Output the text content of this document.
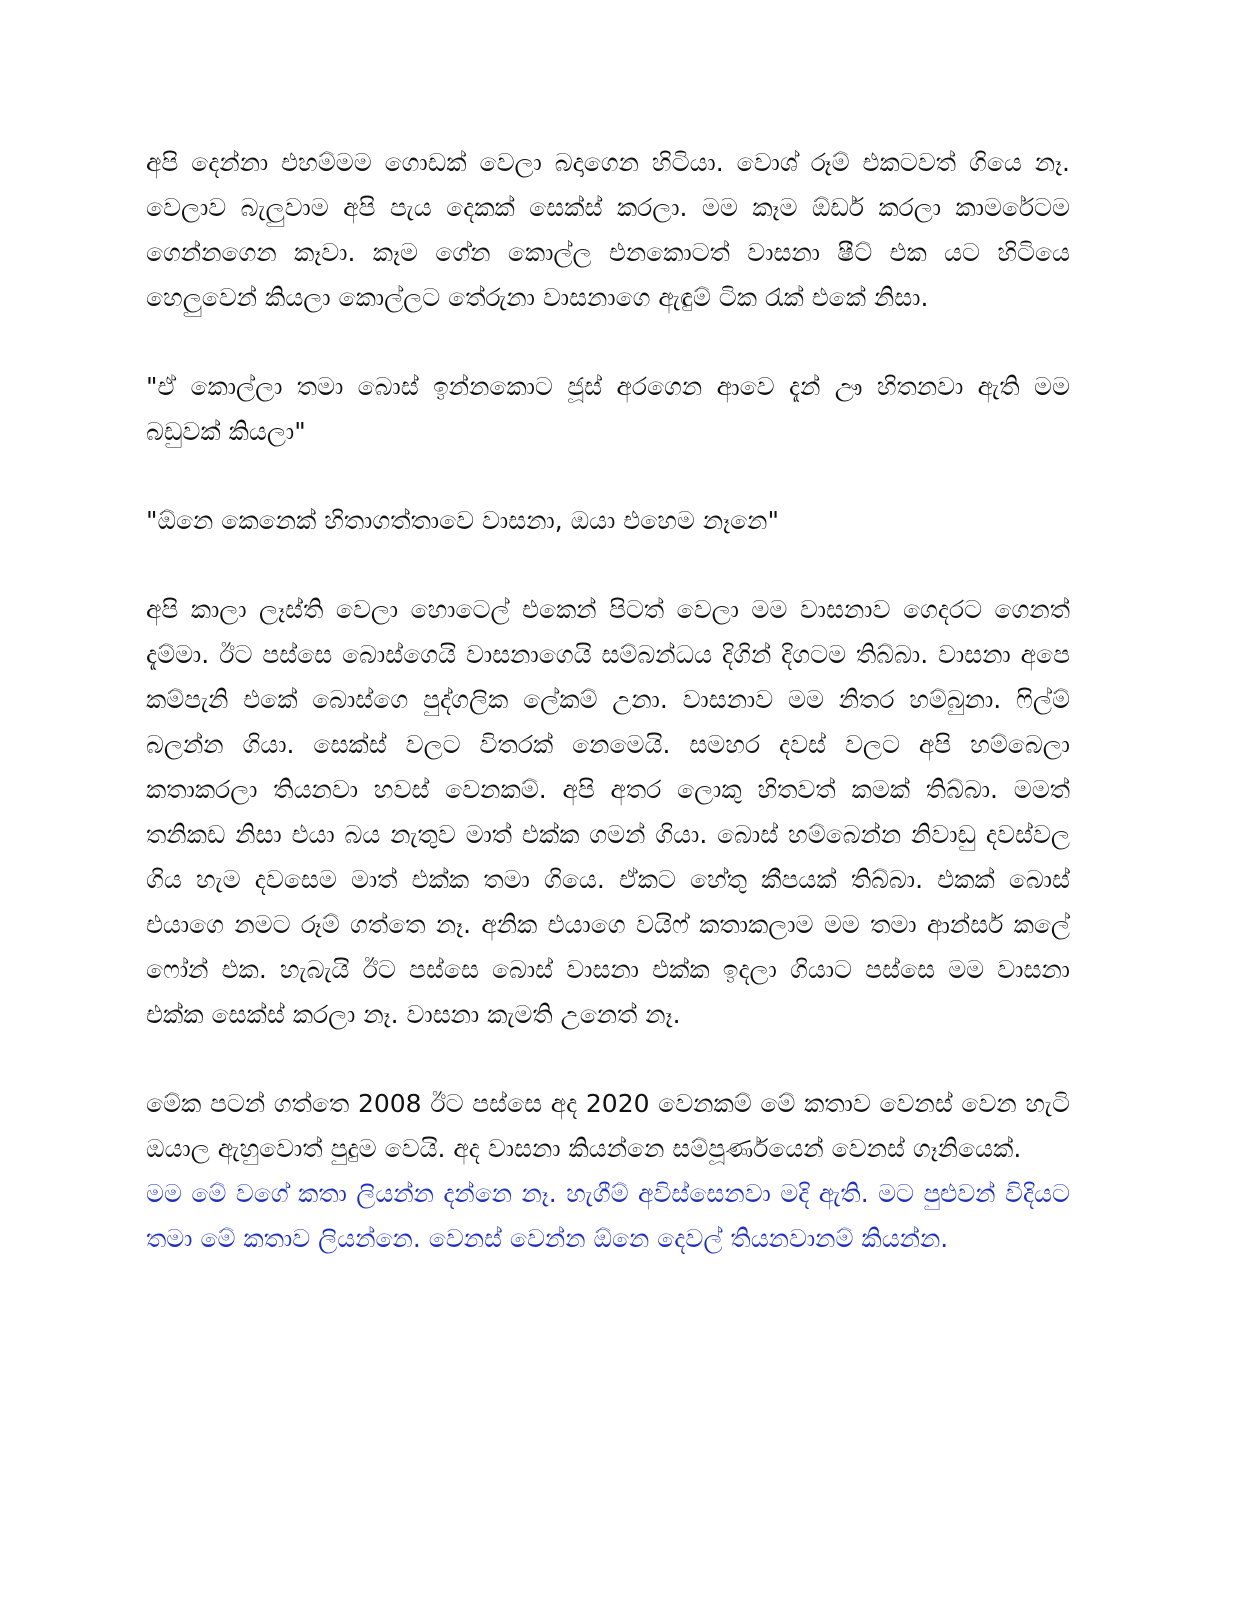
අපි දෙන්නා එහම්මම ගොඩක් වෙලා බදාගෙන හිටියා. වොශ් රූම් එකටවත් ගියෙ නෑ. වෙලාව බැලුවාම අපි පැය දෙකක් සෙක්ස් කරලා. මම කෑම ඕඩර් කරලා කාමරේටම ගෙන්නගෙන කෑවා. කෑම ගේන කොල්ල එනකොටත් වාසනා ෂීට් එක යට හිටියෙ හෙලුවෙන් කියලා කොල්ලට තේරුනා වාසනාගෙ ඇඳුම් ටික රැක් එකේ නිසා.

"ඒ කොල්ලා තමා බොස් ඉන්නකොට ජූස් අරගෙන ආවෙ දැන් ඌ හිතනවා ඇති මම බඩුවක් කියලා"

"ඕනෙ කෙනෙක් හිතාගත්තාවෙ වාසනා, ඔයා එහෙම නෑනෙ"

අපි කාලා ලෑස්ති වෙලා හොටෙල් එකෙන් පිටත් වෙලා මම වාසනාව ගෙදරට ගෙනත් දැම්මා. ඊට පස්සෙ බොස්ගෙයි වාසනාගෙයි සම්බන්ධය දිගින් දිගටම තිබ්බා. වාසනා අපෙ කම්පැනි එකේ බොස්ගෙ පුද්ගලික ලේකම් උනා. වාසනාව මම නිතර හම්බුනා. ෆිල්ම් බලන්න ගියා. සෙක්ස් වලට විතරක් නෙමෙයි. සමහර දවස් වලට අපි හම්බෙලා කතාකරලා තියනවා හවස් වෙනකම්. අපි අතර ලොකු හිතවත් කමක් තිබ්බා. මමත් තනිකඩ නිසා එයා බය නැතුව මාත් එක්ක ගමන් ගියා. බොස් හම්බෙන්න නිවාඩු දවස්වල ගිය හැම දවසෙම මාත් එක්ක තමා ගියෙ. ඒකට හේතු කීපයක් තිබ්බා. එකක් බොස් එයාගෙ නමට රූම් ගත්තෙ නෑ. අනික එයාගෙ වයිෆ් කතාකලාම මම තමා ආන්සර් කලේ ෆෝන් එක. හැබැයි ඊට පස්සෙ බොස් වාසනා එක්ක ඉදලා ගියාට පස්සෙ මම වාසනා එක්ක සෙක්ස් කරලා නෑ. වාසනා කැමති උනෙත් නෑ.

මේක පටන් ගත්තෙ 2008 ඊට පස්සෙ අද 2020 වෙනකම් මේ කතාව වෙනස් වෙන හැටි ඔයාල ඇහුවොත් පුදුම වෙයි. අද වාසනා කියන්නෙ සම්පූර්ණයෙන් වෙනස් ගෑනියෙක්.

මම මේ වගේ කතා ලියන්න දන්නෙ නෑ. හැගීම් අවිස්සෙනවා මදි ඇති. මට පුළුවන් විදියට තමා මේ කතාව ලියන්නෙ. වෙනස් වෙන්න ඕනෙ දෙවල් තියනවානම් කියන්න.
